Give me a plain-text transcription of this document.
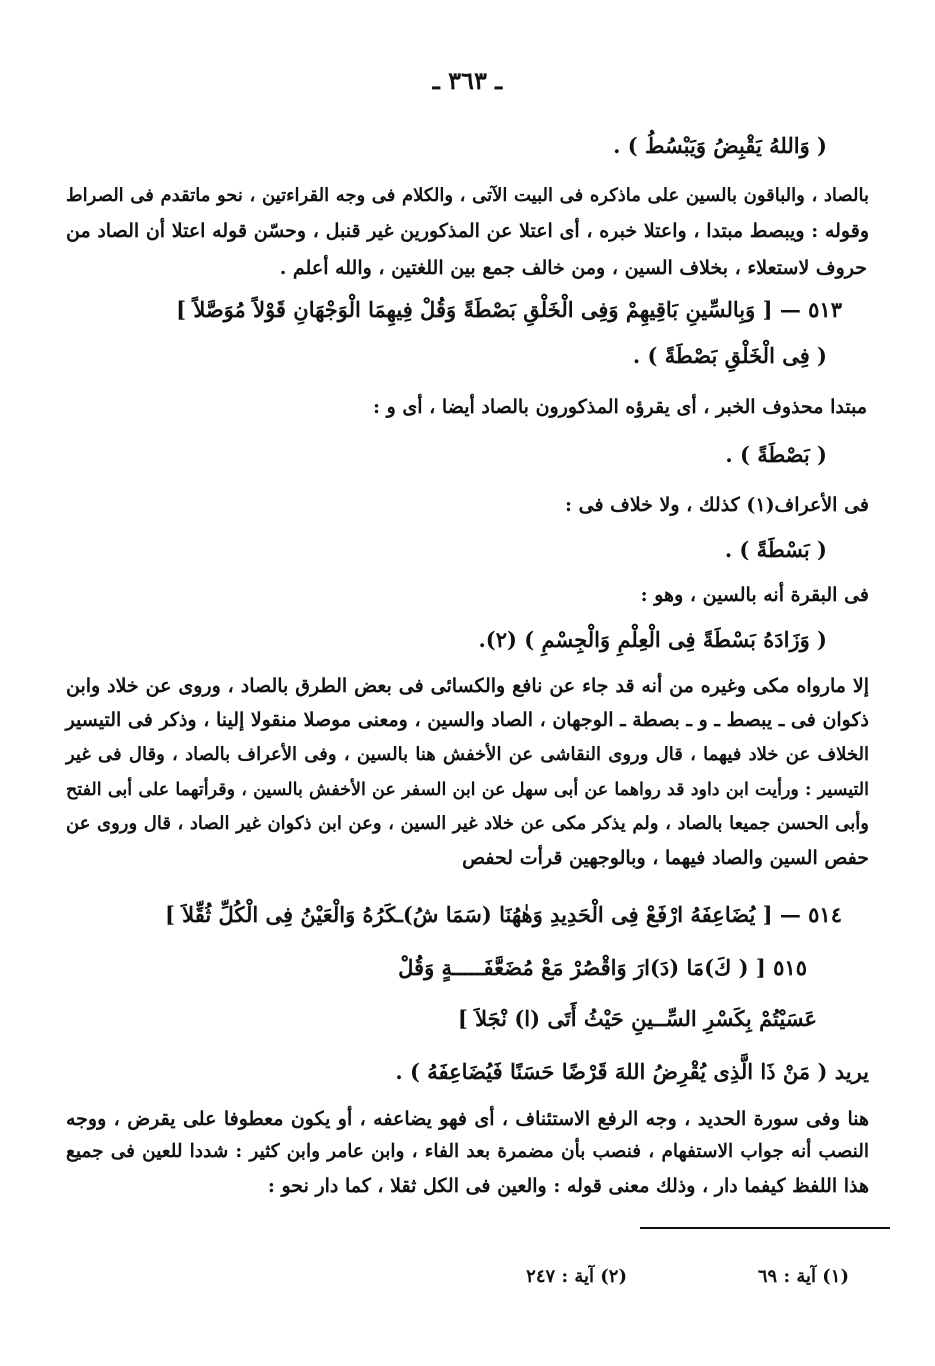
ـ ٣٦٣ ـ
( وَاللهُ يَقْبِضُ وَيَبْسُطُ ) .
بالصاد ، والباقون بالسين على ماذكره فى البيت الآتى ، والكلام فى وجه القراءتين ، نحو ماتقدم فى الصراط
وقوله : ويبصط مبتدا ، واعتلا خبره ، أى اعتلا عن المذكورين غير قنبل ، وحسّن قوله اعتلا أن الصاد من
حروف لاستعلاء ، بخلاف السين ، ومن خالف جمع بين اللغتين ، والله أعلم .
٥١٣ — [ وَبِالسِّينِ بَاقِيهِمْ وَفِى الْخَلْقِ بَصْطَةً وَقُلْ فِيهِمَا الْوَجْهَانِ قَوْلاً مُوَصَّلاً ]
( فِى الْخَلْقِ بَصْطَةً ) .
مبتدا محذوف الخبر ، أى يقرؤه المذكورون بالصاد أيضا ، أى و :
( بَصْطَةً ) .
فى الأعراف(١) كذلك ، ولا خلاف فى :
( بَسْطَةً ) .
فى البقرة أنه بالسين ، وهو :
( وَزَادَهُ بَسْطَةً فِى الْعِلْمِ وَالْجِسْمِ ) (٢).
إلا مارواه مكى وغيره من أنه قد جاء عن نافع والكسائى فى بعض الطرق بالصاد ، وروى عن خلاد وابن
ذكوان فى ـ يبصط ـ و ـ بصطة ـ الوجهان ، الصاد والسين ، ومعنى موصلا منقولا إلينا ، وذكر فى التيسير
الخلاف عن خلاد فيهما ، قال وروى النقاشى عن الأخفش هنا بالسين ، وفى الأعراف بالصاد ، وقال فى غير
التيسير : ورأيت ابن داود قد رواهما عن أبى سهل عن ابن السفر عن الأخفش بالسين ، وقرأتهما على أبى الفتح
وأبى الحسن جميعا بالصاد ، ولم يذكر مكى عن خلاد غير السين ، وعن ابن ذكوان غير الصاد ، قال وروى عن
حفص السين والصاد فيهما ، وبالوجهين قرأت لحفص
٥١٤ — [ يُضَاعِفَهُ ارْفَعْ فِى الْحَدِيدِ وَهٰهُنَا (سَمَا شُ)ـكَرُهُ وَالْعَيْنُ فِى الْكُلِّ ثُقِّلاَ ]
٥١٥ [ ( كَ)مَا (دَ)ارَ وَاقْصُرْ مَعْ مُضَعَّفَـــــةٍ وَقُلْ
عَسَيْتُمْ بِكَسْرِ السِّــينِ حَيْثُ أَتَى (ا) نْجَلاَ ]
يريد ( مَنْ ذَا الَّذِى يُقْرِضُ اللهَ قَرْضًا حَسَنًا فَيُضَاعِفَهُ ) .
هنا وفى سورة الحديد ، وجه الرفع الاستئناف ، أى فهو يضاعفه ، أو يكون معطوفا على يقرض ، ووجه
النصب أنه جواب الاستفهام ، فنصب بأن مضمرة بعد الفاء ، وابن عامر وابن كثير : شددا للعين فى جميع
هذا اللفظ كيفما دار ، وذلك معنى قوله : والعين فى الكل ثقلا ، كما دار نحو :
(١) آية : ٦٩
(٢) آية : ٢٤٧
